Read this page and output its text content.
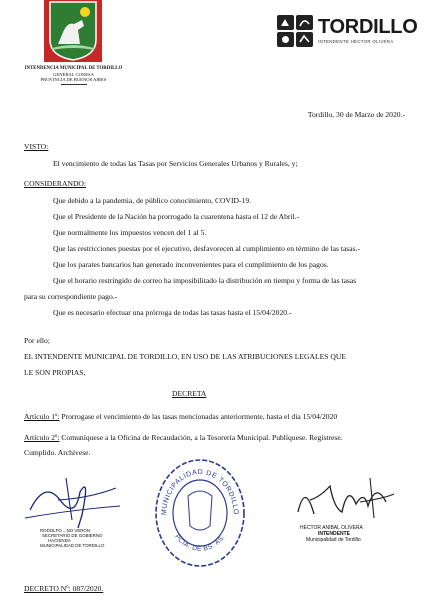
INTENDENCIA MUNICIPAL DE TORDILLO
GENERAL CONESA
PROVINCIA DE BUENOS AIRES
TORDILLO
INTENDENTE HÉCTOR OLIVERA
Tordillo, 30 de Marzo de 2020.-
VISTO:
El vencimiento de todas las Tasas por Servicios Generales Urbanos y Rurales, y;
CONSIDERANDO:
Que debido a la pandemia, de público conocimiento, COVID-19.
Que el Presidente de la Nación ha prorrogado la cuarentena hasta el 12 de Abril.-
Que normalmente los impuestos vencen del 1 al 5.
Que las restricciones puestas por el ejecutivo, desfavorecen al cumplimiento en término de las tasas.-
Que los parates bancarios han generado inconvenientes para el cumplimiento de los pagos.
Que el horario restringido de correo ha imposibilitado la distribución en tiempo y forma de las tasas
para su correspondiente pago.-
Que es necesario efectuar una prórroga de todas las tasas hasta el 15/04/2020.-
Por ello;
EL INTENDENTE MUNICIPAL DE TORDILLO, EN USO DE LAS ATRIBUCIONES LEGALES QUE
LE SON PROPIAS,
DECRETA
Artículo 1º: Prorrogase el vencimiento de las tasas mencionadas anteriormente, hasta el día 15/04/2020
Artículo 2º: Comuníquese a la Oficina de Recaudación, a la Tesorería Municipal. Publíquese. Regístrese.
Cumplido. Archívese.
RODOLFO ...NO VERON
SECRETARIO DE GOBIERNO
HACIENDA
MUNICIPALIDAD DE TORDILLO
MUNICIPALIDAD DE TORDILLO
PCIA. DE BS. AS.
HÉCTOR ANIBAL OLIVERA
INTENDENTE
Municipalidad de Tordillo
DECRETO Nº: 087/2020.
